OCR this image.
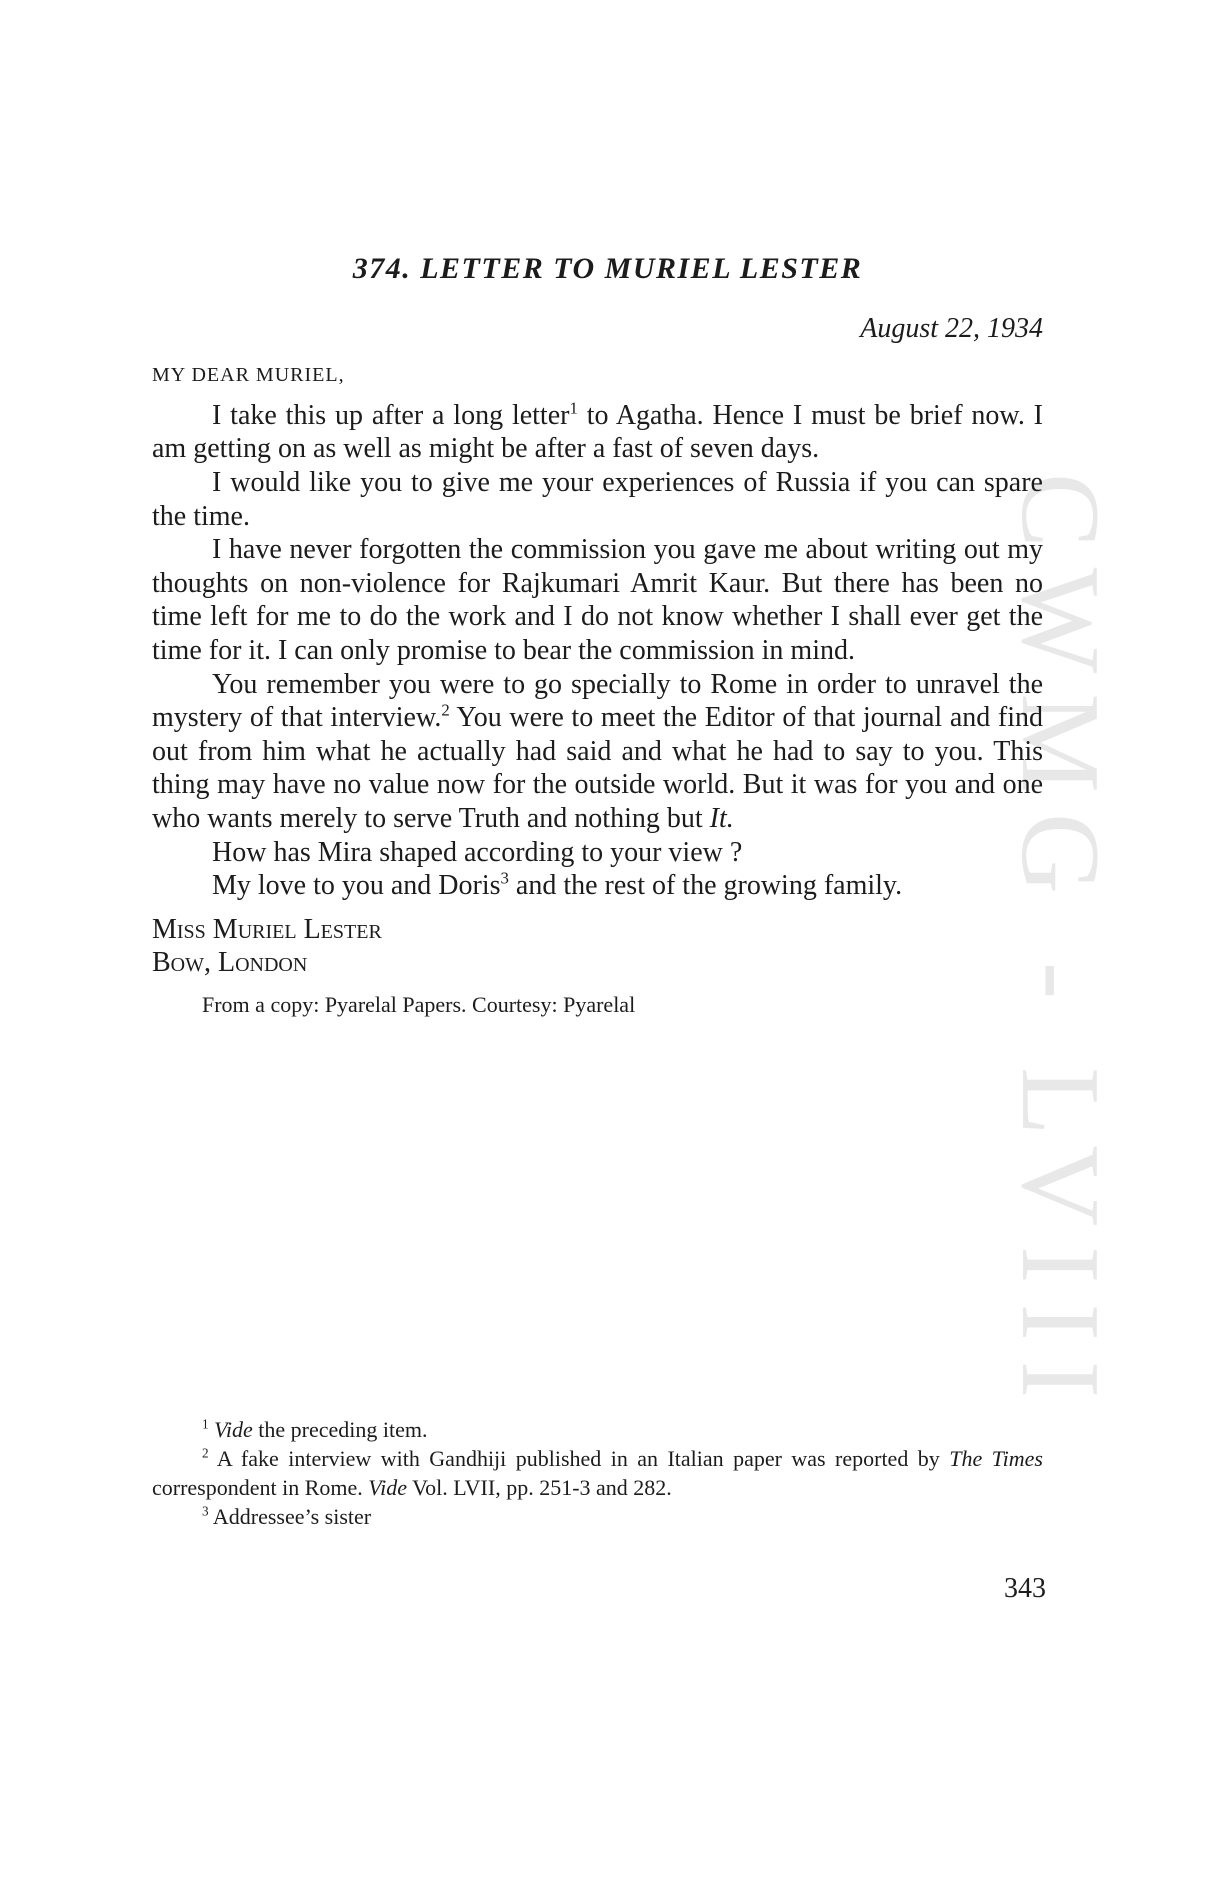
CWMG - LVIII
374. LETTER TO MURIEL LESTER
August 22, 1934
MY DEAR MURIEL,

I take this up after a long letter$^1$ to Agatha. Hence I must be brief now. I am getting on as well as might be after a fast of seven days.

I would like you to give me your experiences of Russia if you can spare the time.

I have never forgotten the commission you gave me about writing out my thoughts on non-violence for Rajkumari Amrit Kaur. But there has been no time left for me to do the work and I do not know whether I shall ever get the time for it. I can only promise to bear the commission in mind.

You remember you were to go specially to Rome in order to unravel the mystery of that interview.$^2$ You were to meet the Editor of that journal and find out from him what he actually had said and what he had to say to you. This thing may have no value now for the outside world. But it was for you and one who wants merely to serve Truth and nothing but It.

How has Mira shaped according to your view ?

My love to you and Doris$^3$ and the rest of the growing family.

Miss Muriel Lester
Bow, London
From a copy: Pyarelal Papers. Courtesy: Pyarelal

$^1$ Vide the preceding item.

$^2$ A fake interview with Gandhiji published in an Italian paper was reported by The Times correspondent in Rome. Vide Vol. LVII, pp. 251-3 and 282.

$^3$ Addressee’s sister

343
